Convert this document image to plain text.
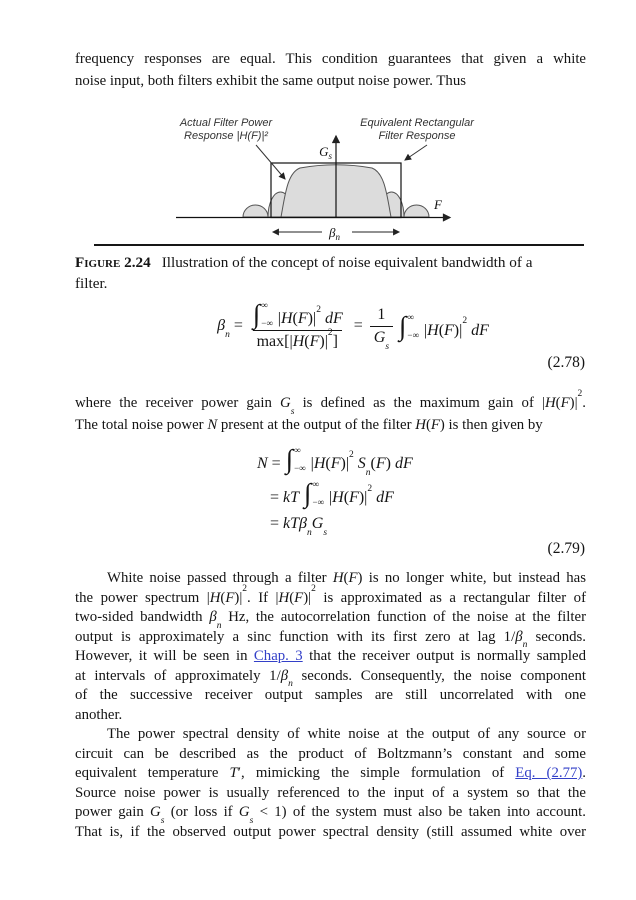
frequency responses are equal. This condition guarantees that given a white
noise input, both filters exhibit the same output noise power. Thus
$G_s$
F
$\beta_n$
Actual Filter Power
Response |H(F)|²
Equivalent Rectangular
Filter Response
Figure 2.24 Illustration of the concept of noise equivalent bandwidth of a
filter.
$\beta_n$ = ∫ ∞
−∞ $|H(F)|^2$ dF
$\max[|H(F)|^2] = \frac{1}{G_s}$ ∫ ∞
−∞ $|H(F)|^2$ dF
(2.78)
where the receiver power gain $G_s$ is defined as the maximum gain of $|H(F)|^2$.
The total noise power N present at the output of the filter H(F) is then given by
N = ∫ ∞
−∞ $|H(F)|^2$ $S_n(F)$ dF
= kT ∫ ∞
−∞ $|H(F)|^2$ dF
= $kT\beta_nG_s$
(2.79)
White noise passed through a filter H(F) is no longer white, but instead has
the power spectrum $|H(F)|^2$. If $|H(F)|^2$ is approximated as a rectangular filter of
two-sided bandwidth $\beta_n$ Hz, the autocorrelation function of the noise at the filter
output is approximately a sinc function with its first zero at lag $1/\beta_n$ seconds.
However, it will be seen in Chap. 3 that the receiver output is normally sampled
at intervals of approximately $1/\beta_n$ seconds. Consequently, the noise component
of the successive receiver output samples are still uncorrelated with one
another.
The power spectral density of white noise at the output of any source or
circuit can be described as the product of Boltzmann’s constant and some
equivalent temperature T′, mimicking the simple formulation of Eq. (2.77).
Source noise power is usually referenced to the input of a system so that the
power gain $G_s$ (or loss if $G_s < 1$) of the system must also be taken into account.
That is, if the observed output power spectral density (still assumed white over
